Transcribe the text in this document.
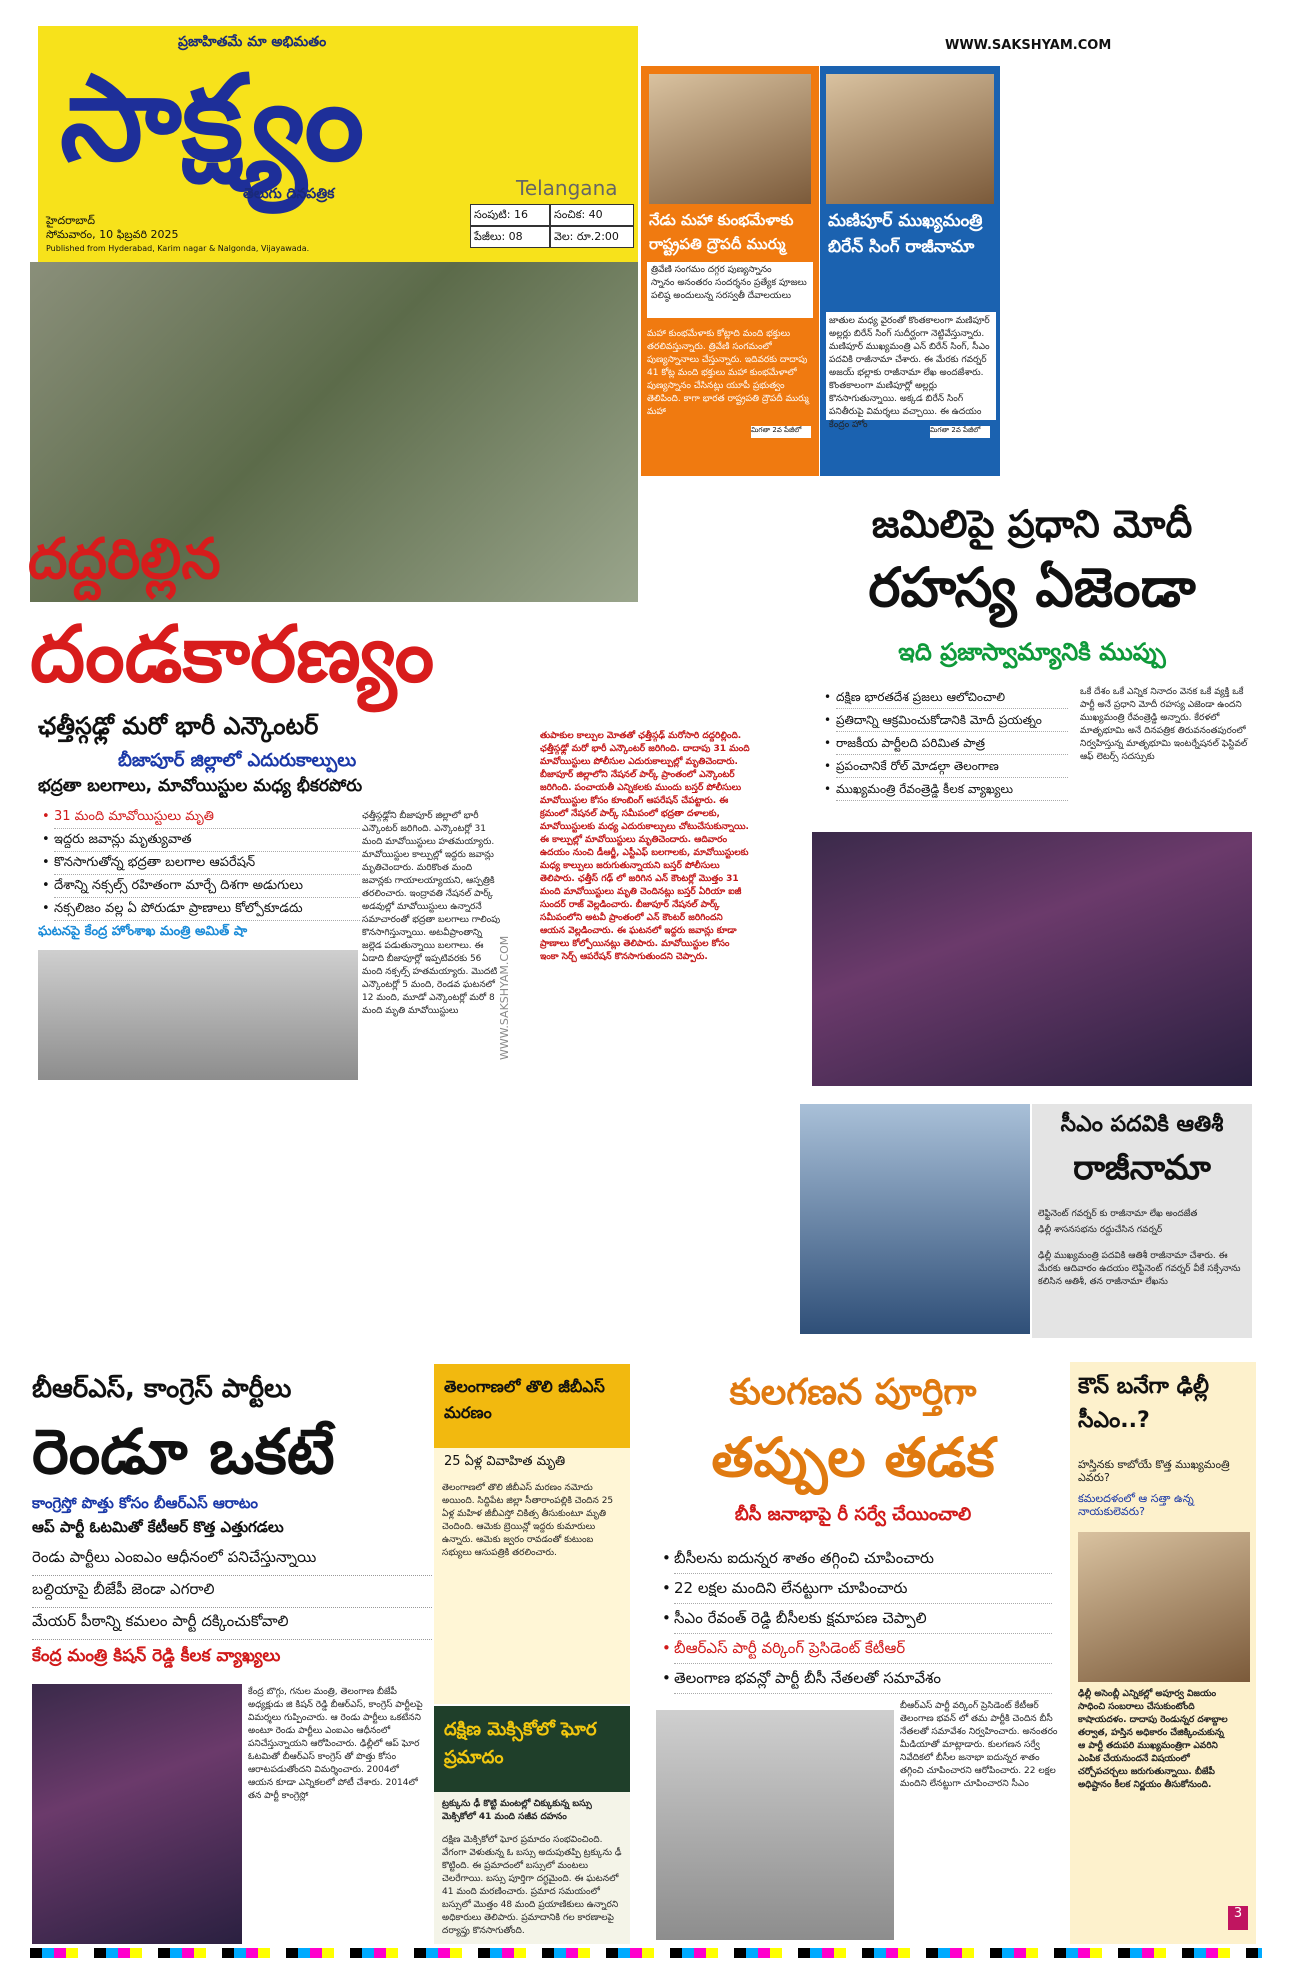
WWW.SAKSHYAM.COM
ప్రజాహితమే మా అభిమతం
సాక్ష్యం
తెలుగు దినపత్రిక	Telangana
హైదరాబాద్
సోమవారం, 10 ఫిబ్రవరి 2025
Published from Hyderabad, Karim nagar & Nalgonda, Vijayawada.
సంపుటి: 16	సంచిక: 40
పేజీలు: 08	వెల: రూ.2:00
నేడు మహా కుంభమేళాకు రాష్ట్రపతి ద్రౌపదీ ముర్ము
త్రివేణి సంగమం దగ్గర పుణ్యస్నానం
స్నానం అనంతరం సందర్శనం ప్రత్యేక పూజలు
పలిష్ఠ అందులున్న సరస్వతీ దేవాలయలు
మహా కుంభమేళాకు కోట్లాది మంది భక్తులు తరలివస్తున్నారు. త్రివేణి సంగమంలో పుణ్యస్నానాలు చేస్తున్నారు. ఇదివరకు దాదాపు 41 కోట్ల మంది భక్తులు మహా కుంభమేళాలో పుణ్యస్నానం చేసినట్లు యూపీ ప్రభుత్వం తెలిపింది. కాగా భారత రాష్ట్రపతి ద్రౌపదీ ముర్ము మహా
మిగతా 2వ పేజీలో
మణిపూర్ ముఖ్యమంత్రి బిరేన్ సింగ్ రాజీనామా
జాతుల మధ్య వైరంతో కొంతకాలంగా మణిపూర్ అల్లర్లు బిరేన్ సింగ్ సుదీర్ఘంగా నెట్టివేస్తున్నారు. మణిపూర్ ముఖ్యమంత్రి ఎన్ బిరేన్ సింగ్, సీఎం పదవికి రాజీనామా చేశారు. ఈ మేరకు గవర్నర్ అజయ్ భల్లాకు రాజీనామా లేఖ అందజేశారు. కొంతకాలంగా మణిపూర్లో అల్లర్లు కొనసాగుతున్నాయి. అక్కడ బిరేన్ సింగ్ పనితీరుపై విమర్శలు వచ్చాయి. ఈ ఉదయం కేంద్రం హోం	మిగతా 2వ పేజీలో
దద్దరిల్లిన
దండకారణ్యం
ఛత్తీస్గఢ్లో మరో భారీ ఎన్కౌంటర్
బీజాపూర్ జిల్లాలో ఎదురుకాల్పులు
భద్రతా బలగాలు, మావోయిస్టుల మధ్య భీకరపోరు
• 31 మంది మావోయిస్టులు మృతి
• ఇద్దరు జవాన్లు మృత్యువాత
• కొనసాగుతోన్న భద్రతా బలగాల ఆపరేషన్
• దేశాన్ని నక్సల్స్ రహితంగా మార్చే దిశగా అడుగులు
• నక్సలిజం వల్ల ఏ పోరుడూ ప్రాణాలు కోల్పోకూడదు
ఘటనపై కేంద్ర హోంశాఖ మంత్రి అమిత్ షా
ఛత్తీస్గఢ్లోని బీజాపూర్ జిల్లాలో భారీ ఎన్కౌంటర్ జరిగింది. ఎన్కౌంటర్లో 31 మంది మావోయిస్టులు హతమయ్యారు. మావోయిస్టుల కాల్పుల్లో ఇద్దరు జవాన్లు మృతిచెందారు. మరికొంత మంది జవాన్లకు గాయాలయ్యాయని, ఆస్పత్రికి తరలించారు. ఇంద్రావతి నేషనల్ పార్క్ అడవుల్లో మావోయిస్టులు ఉన్నారనే సమాచారంతో భద్రతా బలగాలు గాలింపు కొనసాగిస్తున్నాయి. అటవీప్రాంతాన్ని జల్లెడ పడుతున్నాయి బలగాలు. ఈ ఏడాది బీజాపూర్లో ఇప్పటివరకు 56 మంది నక్సల్స్ హతమయ్యారు. మొదటి ఎన్కౌంటర్లో 5 మంది, రెండవ ఘటనలో 12 మంది, మూడో ఎన్కౌంటర్లో మరో 8 మంది మృతి మావోయిస్టులు	WWW.SAKSHYAM.COM
తుపాకుల కాల్పుల మోతతో ఛత్తీస్గఢ్ మరోసారి దద్దరిల్లింది. ఛత్తీస్గఢ్లో మరో భారీ ఎన్కౌంటర్ జరిగింది. దాదాపు 31 మంది మావోయిస్టులు పోలీసుల ఎదురుకాల్పుల్లో మృతిచెందారు. బీజాపూర్ జిల్లాలోని నేషనల్ పార్క్ ప్రాంతంలో ఎన్కౌంటర్ జరిగింది. పంచాయతీ ఎన్నికలకు ముందు బస్తర్ పోలీసులు మావోయిస్టుల కోసం కూంబింగ్ ఆపరేషన్ చేపట్టారు. ఈ క్రమంలో నేషనల్ పార్క్ సమీపంలో భద్రతా దళాలకు, మావోయిస్టులకు మధ్య ఎదురుకాల్పులు చోటుచేసుకున్నాయి. ఈ కాల్పుల్లో మావోయిస్టులు మృతిచెందారు. ఆదివారం ఉదయం నుంచి డీఆర్జీ, ఎస్టీఎఫ్ బలగాలకు, మావోయిస్టులకు మధ్య కాల్పులు జరుగుతున్నాయని బస్తర్ పోలీసులు తెలిపారు. ఛత్తీస్ గఢ్ లో జరిగిన ఎన్ కౌంటర్లో మొత్తం 31 మంది మావోయిస్టులు మృతి చెందినట్లు బస్తర్ ఏరియా ఐజీ సుందర్ రాజ్ వెల్లడించారు. బీజాపూర్ నేషనల్ పార్క్ సమీపంలోని అటవీ ప్రాంతంలో ఎన్ కౌంటర్ జరిగిందని ఆయన వెల్లడించారు. ఈ ఘటనలో ఇద్దరు జవాన్లు కూడా ప్రాణాలు కోల్పోయినట్లు తెలిపారు. మావోయిస్టుల కోసం ఇంకా సెర్చ్ ఆపరేషన్ కొనసాగుతుందని చెప్పారు.
జమిలిపై ప్రధాని మోదీ
రహస్య ఏజెండా
ఇది ప్రజాస్వామ్యానికి ముప్పు
• దక్షిణ భారతదేశ ప్రజలు ఆలోచించాలి
• ప్రతిదాన్ని ఆక్రమించుకోడానికి మోదీ ప్రయత్నం
• రాజకీయ పార్టీలది పరిమిత పాత్ర
• ప్రపంచానికే రోల్ మోడల్గా తెలంగాణ
• ముఖ్యమంత్రి రేవంత్రెడ్డి కీలక వ్యాఖ్యలు
ఒకే దేశం ఒకే ఎన్నిక నినాదం వెనక ఒకే వ్యక్తి ఒకే పార్టీ అనే ప్రధాని మోదీ రహస్య ఎజెండా ఉందని ముఖ్యమంత్రి రేవంత్రెడ్డి అన్నారు. కేరళలో మాతృభూమి అనే దినపత్రిక తిరువనంతపురంలో నిర్వహిస్తున్న మాతృభూమి ఇంటర్నేషనల్ ఫెస్టివల్ ఆఫ్ లెటర్స్ సదస్సుకు
సీఎం పదవికి ఆతిశీ
రాజీనామా
లెఫ్టినెంట్ గవర్నర్ కు రాజీనామా లేఖ అందజేత
ఢిల్లీ శాసనసభను రద్దుచేసిన గవర్నర్
ఢిల్లీ ముఖ్యమంత్రి పదవికి ఆతిశీ రాజీనామా చేశారు. ఈ మేరకు ఆదివారం ఉదయం లెఫ్టినెంట్ గవర్నర్ వీకే సక్సేనాను కలిసిన ఆతిశీ, తన రాజీనామా లేఖను
బీఆర్ఎస్, కాంగ్రెస్ పార్టీలు
రెండూ ఒకటే
కాంగ్రెస్తో పొత్తు కోసం బీఆర్ఎస్ ఆరాటం
ఆప్ పార్టీ ఓటమితో కేటీఆర్ కొత్త ఎత్తుగడలు
రెండు పార్టీలు ఎంఐఎం ఆధీనంలో పనిచేస్తున్నాయి
బల్దియాపై బీజేపీ జెండా ఎగరాలి
మేయర్ పీఠాన్ని కమలం పార్టీ దక్కించుకోవాలి
కేంద్ర మంత్రి కిషన్ రెడ్డి కీలక వ్యాఖ్యలు
కేంద్ర బొగ్గు, గనుల మంత్రి, తెలంగాణ బీజేపీ అధ్యక్షుడు జి కిషన్ రెడ్డి బీఆర్ఎస్, కాంగ్రెస్ పార్టీలపై విమర్శలు గుప్పించారు. ఆ రెండు పార్టీలు ఒకటేనని అంటూ రెండు పార్టీలు ఎంఐఎం ఆధీనంలో పనిచేస్తున్నాయని ఆరోపించారు. ఢిల్లీలో ఆప్ ఘోర ఓటమితో బీఆర్ఎస్ కాంగ్రెస్ తో పొత్తు కోసం ఆరాటపడుతోందని విమర్శించారు. 2004లో ఆయన కూడా ఎన్నికలలో పోటీ చేశారు. 2014లో తన పార్టీ కాంగ్రెస్లో
తెలంగాణలో తొలి జీబీఎస్ మరణం
25 ఏళ్ల వివాహిత మృతి
తెలంగాణలో తొలి జీబీఎస్ మరణం నమోదు అయింది. సిద్దిపేట జిల్లా సీతారాంపల్లికి చెందిన 25 ఏళ్ల మహిళ జీబీఎస్తో చికిత్స తీసుకుంటూ మృతి చెందింది. ఆమెకు బ్రెయిన్లో ఇద్దరు కుమారులు ఉన్నారు. ఆమెకు జ్వరం రావడంతో కుటుంబ సభ్యులు ఆసుపత్రికి తరలించారు.
దక్షిణ మెక్సికోలో ఘోర ప్రమాదం
ట్రక్కును ఢీ కొట్టి మంటల్లో చిక్కుకున్న బస్సు మెక్సికోలో 41 మంది సజీవ దహనం
దక్షిణ మెక్సికోలో ఘోర ప్రమాదం సంభవించింది. వేగంగా వెళుతున్న ఓ బస్సు అదుపుతప్పి ట్రక్కును ఢీ కొట్టింది. ఈ ప్రమాదంలో బస్సులో మంటలు చెలరేగాయి. బస్సు పూర్తిగా దగ్ధమైంది. ఈ ఘటనలో 41 మంది మరణించారు. ప్రమాద సమయంలో బస్సులో మొత్తం 48 మంది ప్రయాణికులు ఉన్నారని అధికారులు తెలిపారు. ప్రమాదానికి గల కారణాలపై దర్యాప్తు కొనసాగుతోంది.
కులగణన పూర్తిగా
తప్పుల తడక
బీసీ జనాభాపై రీ సర్వే చేయించాలి
• బీసీలను ఐదున్నర శాతం తగ్గించి చూపించారు
• 22 లక్షల మందిని లేనట్టుగా చూపించారు
• సీఎం రేవంత్ రెడ్డి బీసీలకు క్షమాపణ చెప్పాలి
• బీఆర్ఎస్ పార్టీ వర్కింగ్ ప్రెసిడెంట్ కేటీఆర్
• తెలంగాణ భవన్లో పార్టీ బీసీ నేతలతో సమావేశం
బీఆర్ఎస్ పార్టీ వర్కింగ్ ప్రెసిడెంట్ కేటీఆర్ తెలంగాణ భవన్ లో తమ పార్టీకి చెందిన బీసీ నేతలతో సమావేశం నిర్వహించారు. అనంతరం మీడియాతో మాట్లాడారు. కులగణన సర్వే నివేదికలో బీసీల జనాభా ఐదున్నర శాతం తగ్గించి చూపించారని ఆరోపించారు. 22 లక్షల మందిని లేనట్టుగా చూపించారని సీఎం
కౌన్ బనేగా ఢిల్లీ సీఎం..?
హస్తినకు కాబోయే కొత్త ముఖ్యమంత్రి ఎవరు?
కమలదళంలో ఆ సత్తా ఉన్న నాయకులెవరు?
ఢిల్లీ అసెంబ్లీ ఎన్నికల్లో అపూర్వ విజయం సాధించి సంబరాలు చేసుకుంటోంది కాషాయదళం. దాదాపు రెండున్నర దశాబ్దాల తర్వాత, హస్తిన అధికారం చేజిక్కించుకున్న ఆ పార్టీ తదుపరి ముఖ్యమంత్రిగా ఎవరిని ఎంపిక చేయనుందనే విషయంలో చర్చోపచర్చలు జరుగుతున్నాయి. బీజేపీ అధిష్టానం కీలక నిర్ణయం తీసుకోనుంది.
3
